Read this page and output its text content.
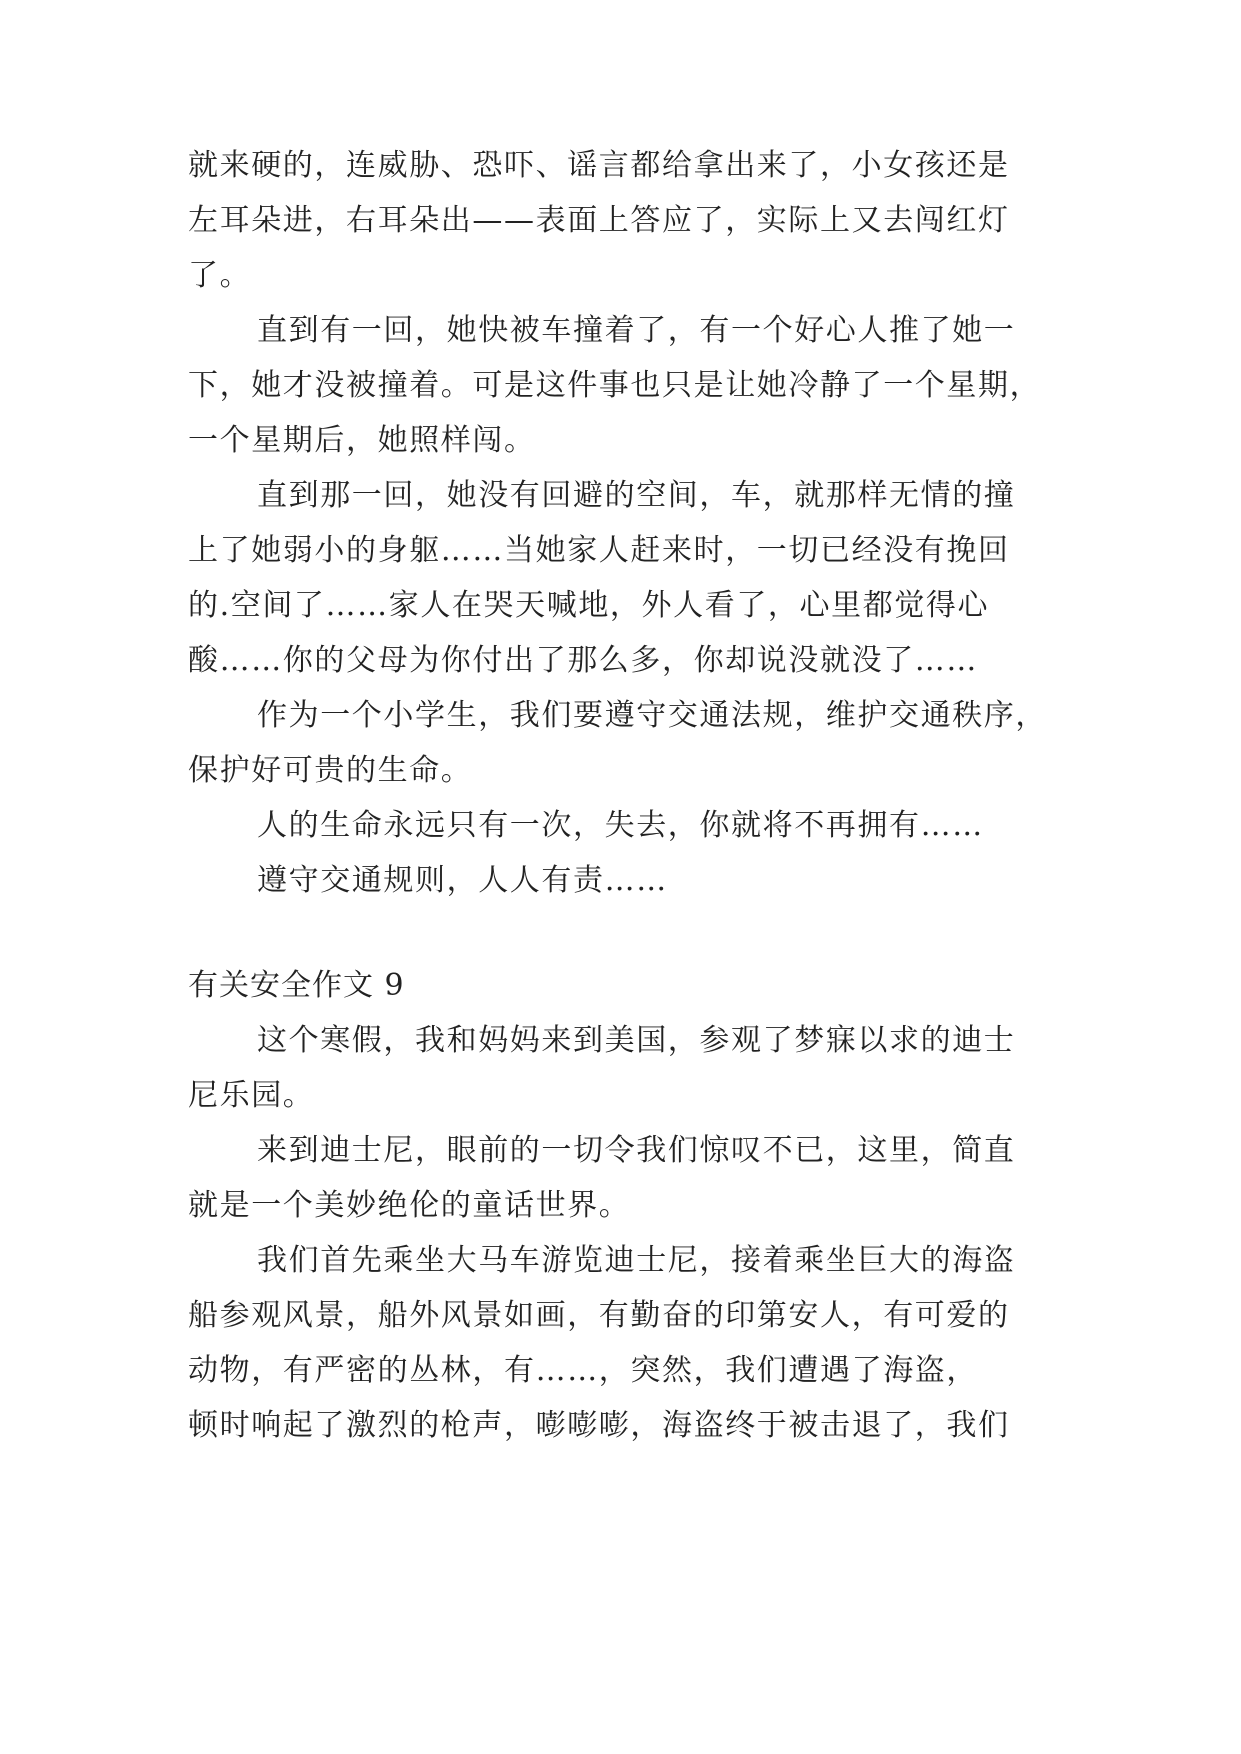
就来硬的，连威胁、恐吓、谣言都给拿出来了，小女孩还是
左耳朵进，右耳朵出——表面上答应了，实际上又去闯红灯
了。
直到有一回，她快被车撞着了，有一个好心人推了她一
下，她才没被撞着。可是这件事也只是让她冷静了一个星期，
一个星期后，她照样闯。
直到那一回，她没有回避的空间，车，就那样无情的撞
上了她弱小的身躯……当她家人赶来时，一切已经没有挽回
的.空间了……家人在哭天喊地，外人看了，心里都觉得心
酸……你的父母为你付出了那么多，你却说没就没了……
作为一个小学生，我们要遵守交通法规，维护交通秩序，
保护好可贵的生命。
人的生命永远只有一次，失去，你就将不再拥有……
遵守交通规则，人人有责……
有关安全作文 9
这个寒假，我和妈妈来到美国，参观了梦寐以求的迪士
尼乐园。
来到迪士尼，眼前的一切令我们惊叹不已，这里，简直
就是一个美妙绝伦的童话世界。
我们首先乘坐大马车游览迪士尼，接着乘坐巨大的海盗
船参观风景，船外风景如画，有勤奋的印第安人，有可爱的
动物，有严密的丛林，有……，突然，我们遭遇了海盗，
顿时响起了激烈的枪声，嘭嘭嘭，海盗终于被击退了，我们
